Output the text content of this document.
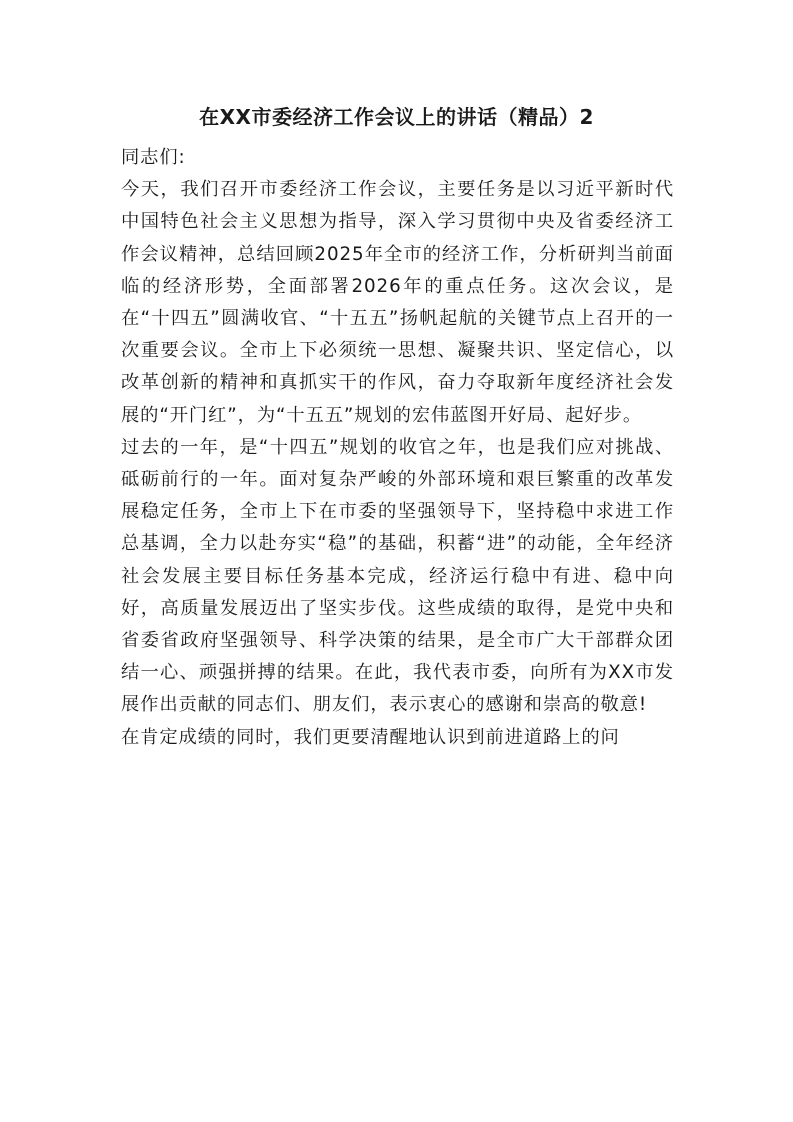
在XX市委经济工作会议上的讲话（精品）2

同志们:

今天，我们召开市委经济工作会议，主要任务是以习近平新时代中国特色社会主义思想为指导，深入学习贯彻中央及省委经济工作会议精神，总结回顾2025年全市的经济工作，分析研判当前面临的经济形势，全面部署2026年的重点任务。这次会议，是在“十四五”圆满收官、“十五五”扬帆起航的关键节点上召开的一次重要会议。全市上下必须统一思想、凝聚共识、坚定信心，以改革创新的精神和真抓实干的作风，奋力夺取新年度经济社会发展的“开门红”，为“十五五”规划的宏伟蓝图开好局、起好步。

过去的一年，是“十四五”规划的收官之年，也是我们应对挑战、砥砺前行的一年。面对复杂严峻的外部环境和艰巨繁重的改革发展稳定任务，全市上下在市委的坚强领导下，坚持稳中求进工作总基调，全力以赴夯实“稳”的基础，积蓄“进”的动能，全年经济社会发展主要目标任务基本完成，经济运行稳中有进、稳中向好，高质量发展迈出了坚实步伐。这些成绩的取得，是党中央和省委省政府坚强领导、科学决策的结果，是全市广大干部群众团结一心、顽强拼搏的结果。在此，我代表市委，向所有为XX市发展作出贡献的同志们、朋友们，表示衷心的感谢和崇高的敬意!

在肯定成绩的同时，我们更要清醒地认识到前进道路上的问
